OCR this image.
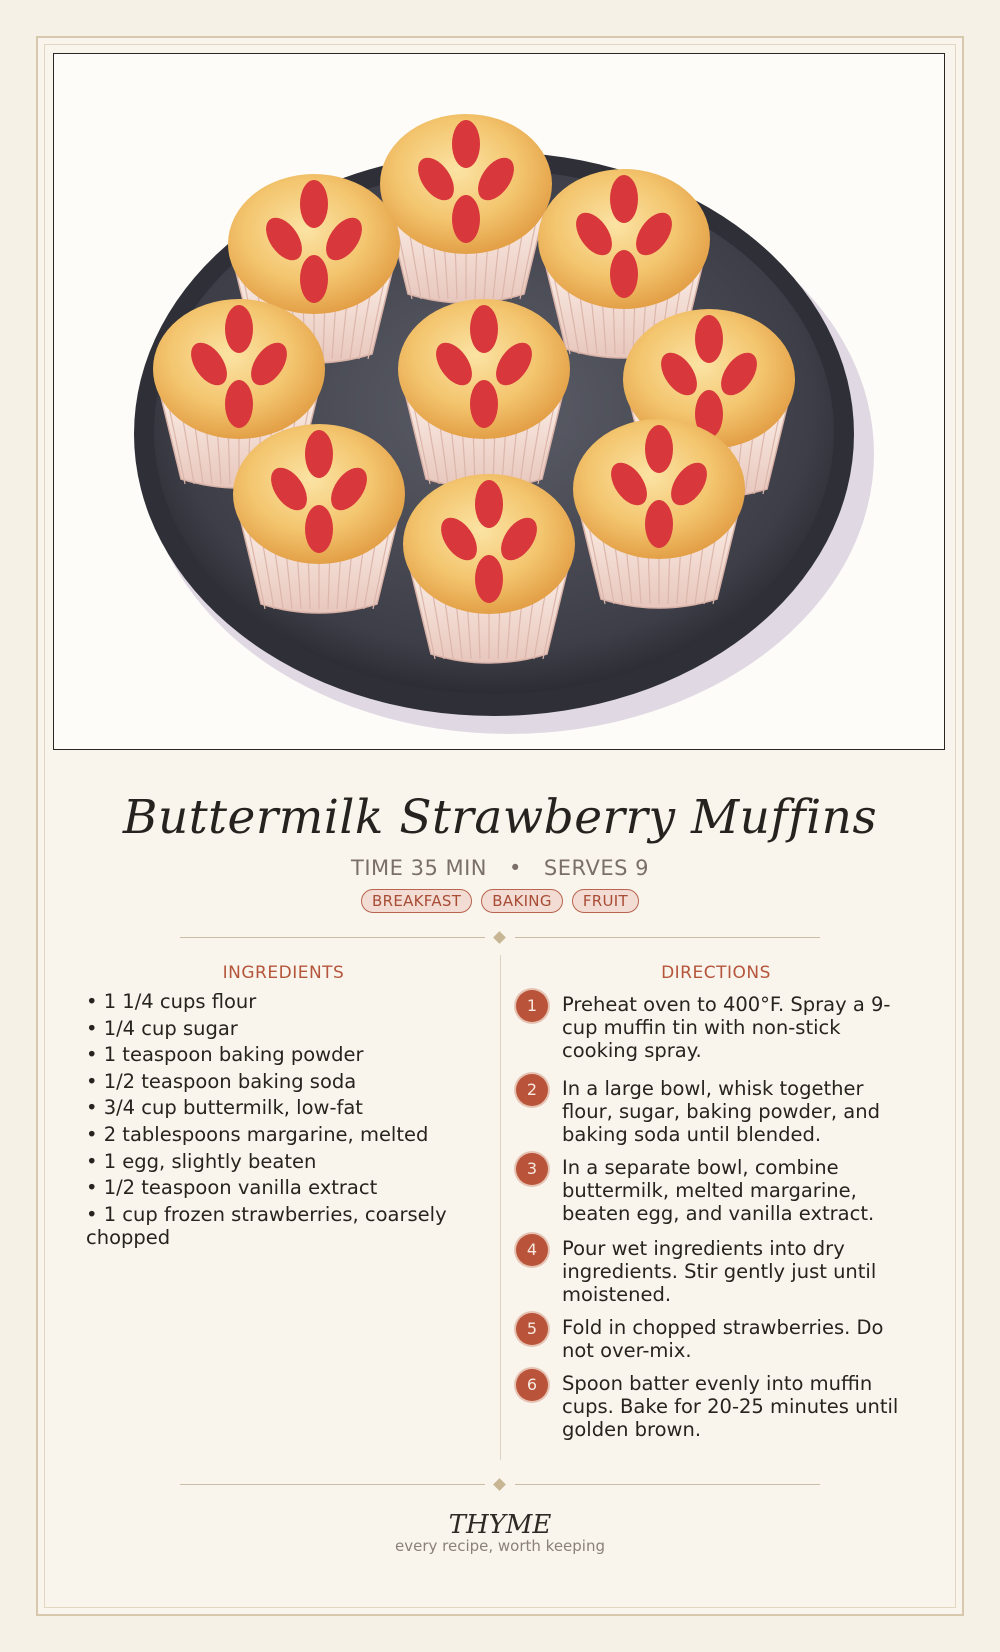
Buttermilk Strawberry Muffins
TIME 35 MIN • SERVES 9
BREAKFAST BAKING FRUIT
INGREDIENTS	DIRECTIONS
• 1 1/4 cups flour
• 1/4 cup sugar
• 1 teaspoon baking powder
• 1/2 teaspoon baking soda
• 3/4 cup buttermilk, low-fat
• 2 tablespoons margarine, melted
• 1 egg, slightly beaten
• 1/2 teaspoon vanilla extract
• 1 cup frozen strawberries, coarsely chopped
1	Preheat oven to 400°F. Spray a 9-cup muffin tin with non-stick cooking spray.
2	In a large bowl, whisk together flour, sugar, baking powder, and baking soda until blended.
3	In a separate bowl, combine buttermilk, melted margarine, beaten egg, and vanilla extract.
4	Pour wet ingredients into dry ingredients. Stir gently just until moistened.
5	Fold in chopped strawberries. Do not over-mix.
6	Spoon batter evenly into muffin cups. Bake for 20-25 minutes until golden brown.
THYME
every recipe, worth keeping
